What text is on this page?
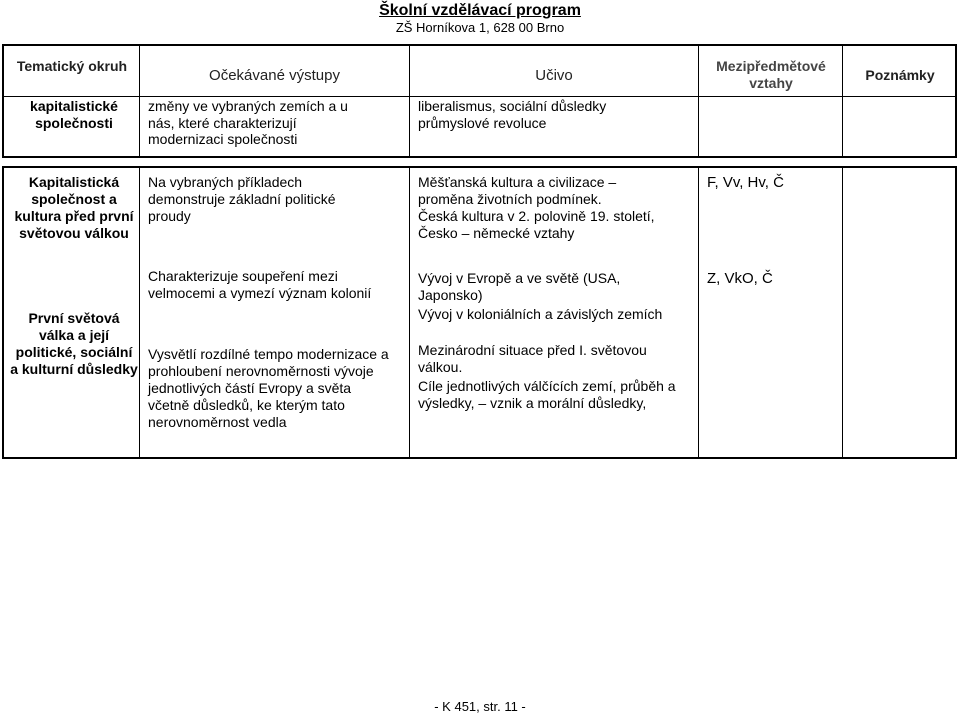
Školní vzdělávací program
ZŠ Horníkova 1, 628 00 Brno
Tematický okruh
Očekávané výstupy	Učivo
Mezipředmětové vztahy	Poznámky
kapitalistické společnosti
změny ve vybraných zemích a u nás, které charakterizují modernizaci společnosti
liberalismus, sociální důsledky průmyslové revoluce
Kapitalistická společnost a kultura před první světovou válkou
První světová válka a její politické, sociální a kulturní důsledky
Na vybraných příkladech demonstruje základní politické proudy
Charakterizuje soupeření mezi velmocemi a vymezí význam kolonií
Vysvětlí rozdílné tempo modernizace a prohloubení nerovnoměrnosti vývoje jednotlivých částí Evropy a světa včetně důsledků, ke kterým tato nerovnoměrnost vedla
Měšťanská kultura a civilizace – proměna životních podmínek.
Česká kultura v 2. polovině 19. století, Česko – německé vztahy
Vývoj v Evropě a ve světě (USA, Japonsko)
Vývoj v koloniálních a závislých zemích
Mezinárodní situace před I. světovou válkou.
Cíle jednotlivých válčících zemí, průběh a výsledky, – vznik a morální důsledky,
F, Vv, Hv, Č
Z, VkO, Č
- K 451, str. 11 -
